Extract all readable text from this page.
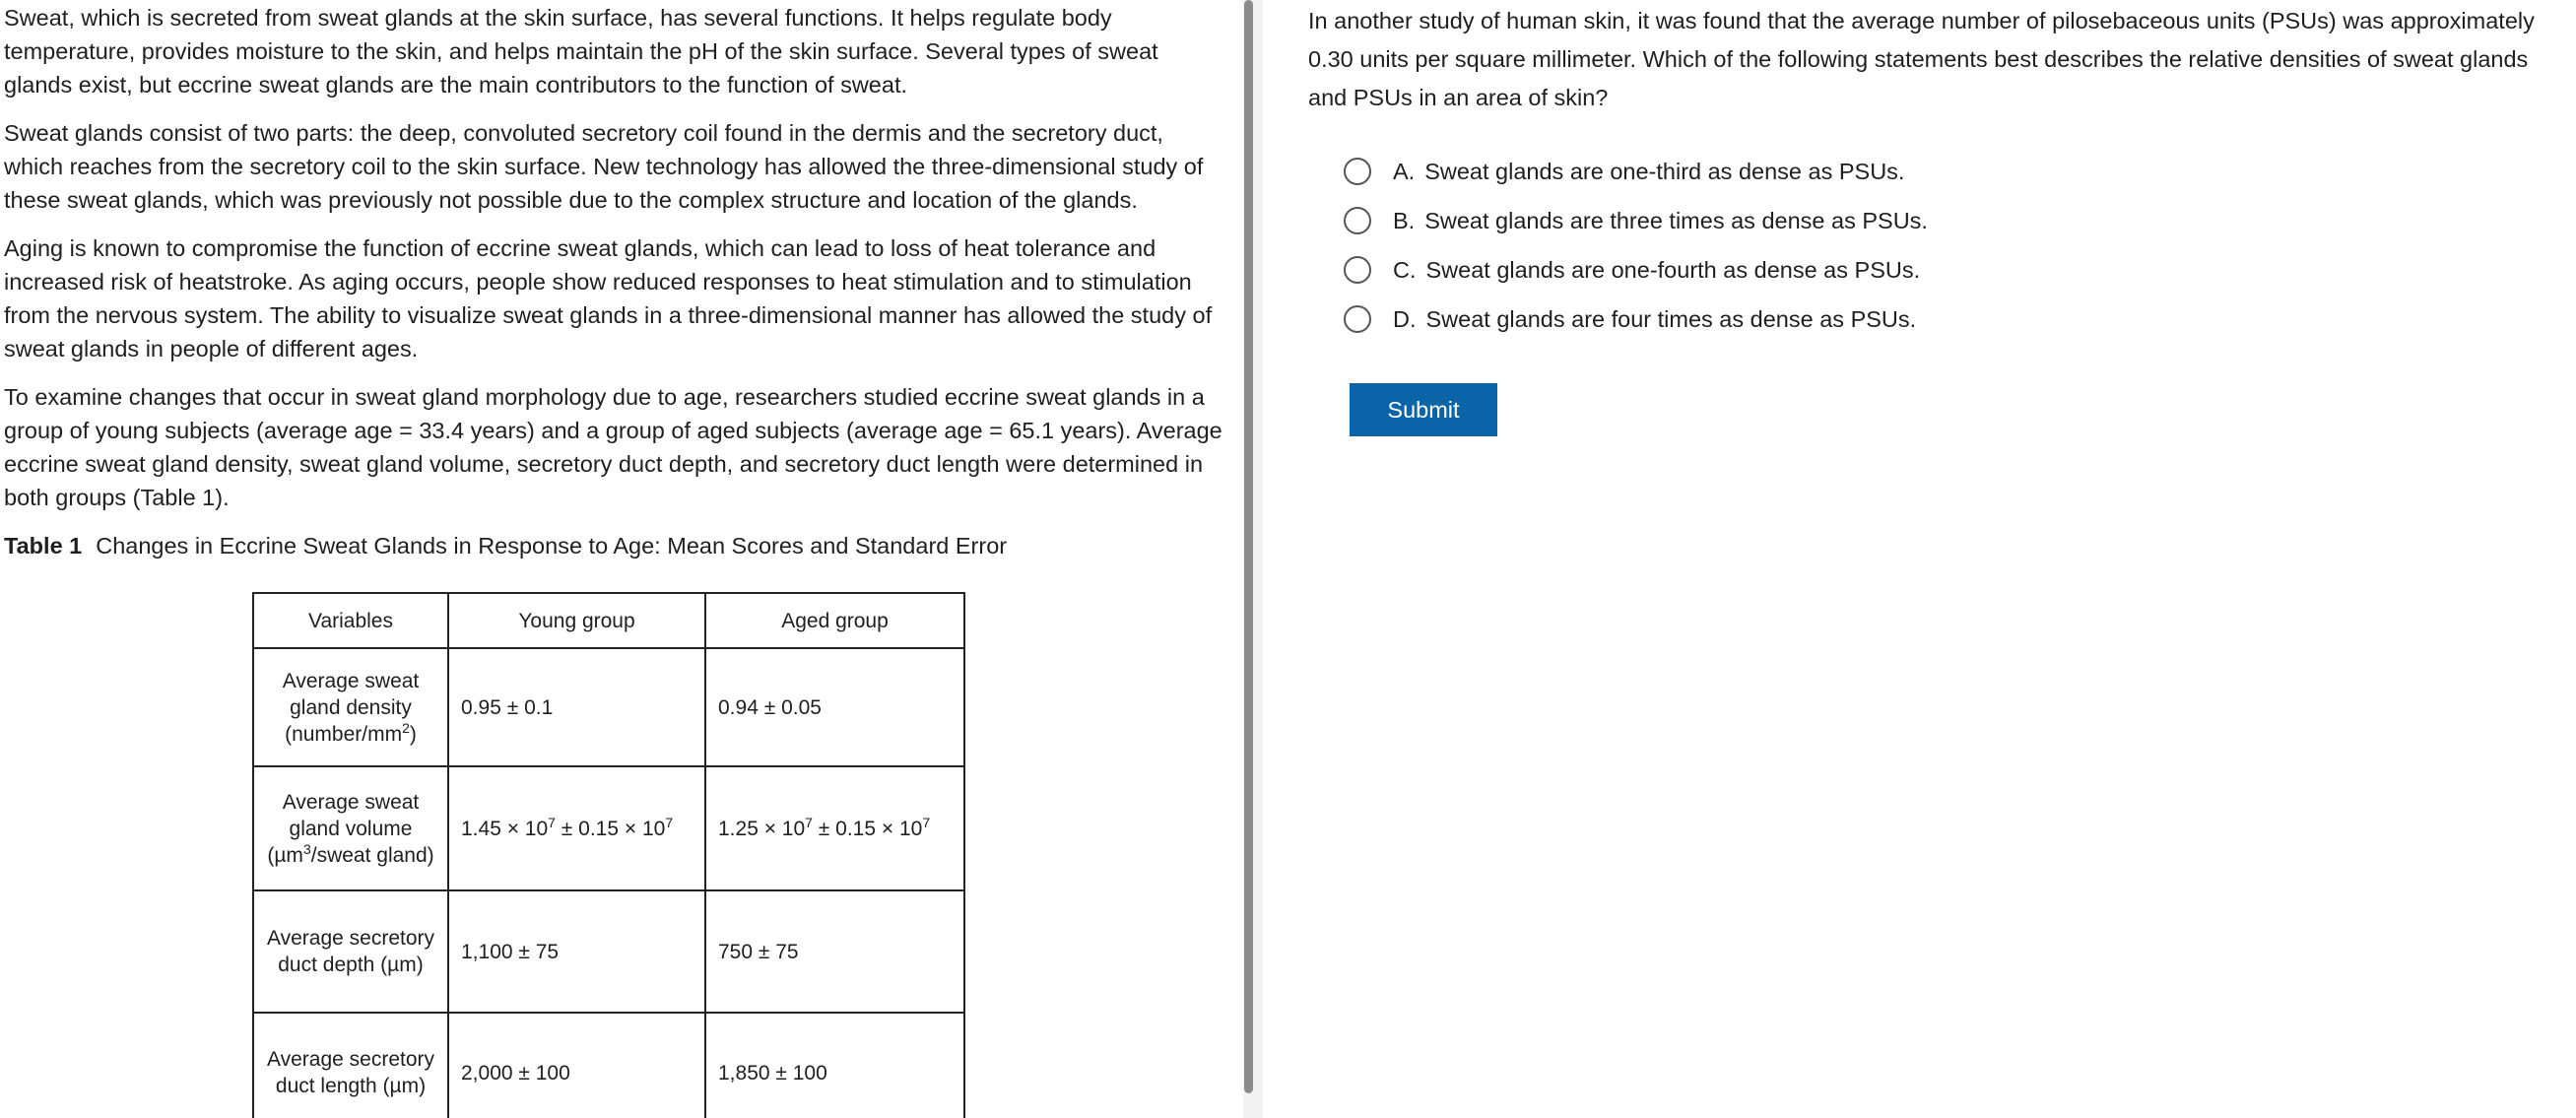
Sweat, which is secreted from sweat glands at the skin surface, has several functions. It helps regulate body temperature, provides moisture to the skin, and helps maintain the pH of the skin surface. Several types of sweat glands exist, but eccrine sweat glands are the main contributors to the function of sweat.

Sweat glands consist of two parts: the deep, convoluted secretory coil found in the dermis and the secretory duct, which reaches from the secretory coil to the skin surface. New technology has allowed the three-dimensional study of these sweat glands, which was previously not possible due to the complex structure and location of the glands.

Aging is known to compromise the function of eccrine sweat glands, which can lead to loss of heat tolerance and increased risk of heatstroke. As aging occurs, people show reduced responses to heat stimulation and to stimulation from the nervous system. The ability to visualize sweat glands in a three-dimensional manner has allowed the study of sweat glands in people of different ages.

To examine changes that occur in sweat gland morphology due to age, researchers studied eccrine sweat glands in a group of young subjects (average age = 33.4 years) and a group of aged subjects (average age = 65.1 years). Average eccrine sweat gland density, sweat gland volume, secretory duct depth, and secretory duct length were determined in both groups (Table 1).

Table 1 Changes in Eccrine Sweat Glands in Response to Age: Mean Scores and Standard Error

Variables	Young group	Aged group
Average sweat gland density
$(number/mm^2)$	0.95 ± 0.1	0.94 ± 0.05
Average sweat gland volume
(µm$^3$/sweat gland)	$1.45 \times 10^7 \pm 0.15 \times 10^7$	$1.25 \times 10^7 \pm 0.15 \times 10^7$
Average secretory duct depth (µm)	1,100 ± 75	750 ± 75
Average secretory duct length (µm)	2,000 ± 100	1,850 ± 100

In another study of human skin, it was found that the average number of pilosebaceous units (PSUs) was approximately 0.30 units per square millimeter. Which of the following statements best describes the relative densities of sweat glands and PSUs in an area of skin?

A. Sweat glands are one-third as dense as PSUs.
B. Sweat glands are three times as dense as PSUs.
C. Sweat glands are one-fourth as dense as PSUs.
D. Sweat glands are four times as dense as PSUs.
Submit
